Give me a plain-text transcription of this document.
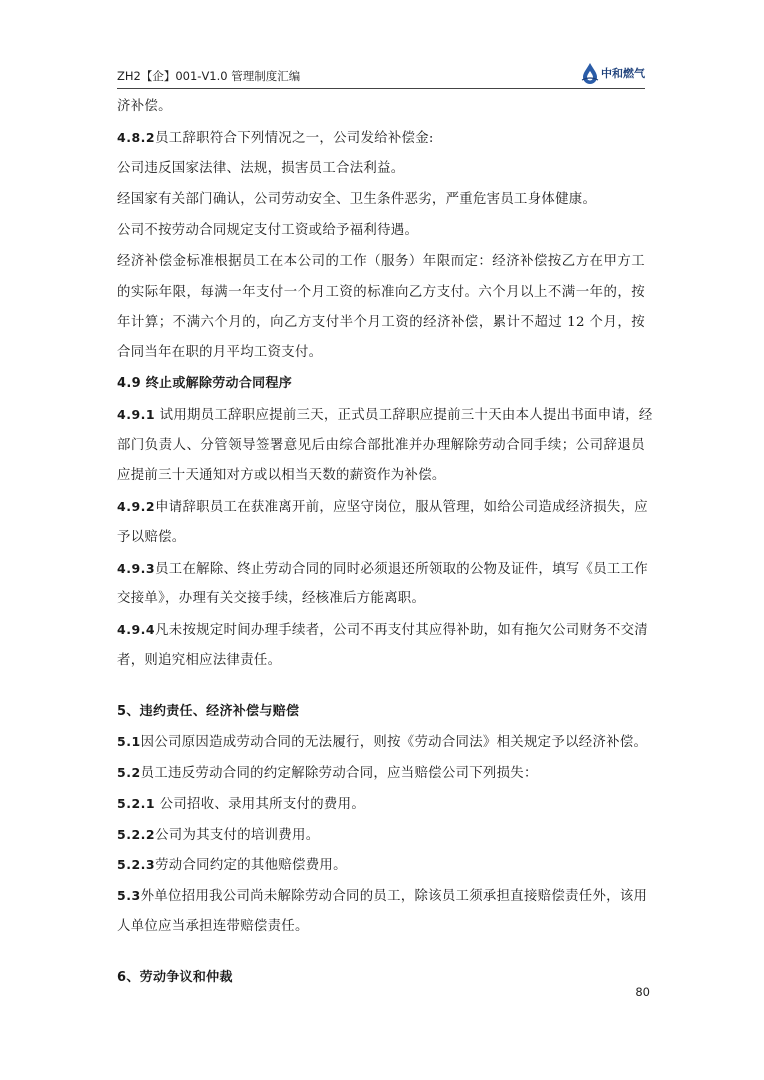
ZH2【企】001-V1.0 管理制度汇编	中和燃气
济补偿。
4.8.2员工辞职符合下列情况之一，公司发给补偿金:
公司违反国家法律、法规，损害员工合法利益。
经国家有关部门确认，公司劳动安全、卫生条件恶劣，严重危害员工身体健康。
公司不按劳动合同规定支付工资或给予福利待遇。
经济补偿金标准根据员工在本公司的工作（服务）年限而定：经济补偿按乙方在甲方工
的实际年限，每满一年支付一个月工资的标准向乙方支付。六个月以上不满一年的，按
年计算；不满六个月的，向乙方支付半个月工资的经济补偿，累计不超过 12 个月，按
合同当年在职的月平均工资支付。
4.9 终止或解除劳动合同程序
4.9.1 试用期员工辞职应提前三天，正式员工辞职应提前三十天由本人提出书面申请，经
部门负责人、分管领导签署意见后由综合部批准并办理解除劳动合同手续；公司辞退员
应提前三十天通知对方或以相当天数的薪资作为补偿。
4.9.2申请辞职员工在获准离开前，应坚守岗位，服从管理，如给公司造成经济损失，应
予以赔偿。
4.9.3员工在解除、终止劳动合同的同时必须退还所领取的公物及证件，填写《员工工作
交接单》，办理有关交接手续，经核准后方能离职。
4.9.4凡未按规定时间办理手续者，公司不再支付其应得补助，如有拖欠公司财务不交清
者，则追究相应法律责任。
5、违约责任、经济补偿与赔偿
5.1因公司原因造成劳动合同的无法履行，则按《劳动合同法》相关规定予以经济补偿。
5.2员工违反劳动合同的约定解除劳动合同，应当赔偿公司下列损失：
5.2.1 公司招收、录用其所支付的费用。
5.2.2公司为其支付的培训费用。
5.2.3劳动合同约定的其他赔偿费用。
5.3外单位招用我公司尚未解除劳动合同的员工，除该员工须承担直接赔偿责任外，该用
人单位应当承担连带赔偿责任。
6、劳动争议和仲裁
80
